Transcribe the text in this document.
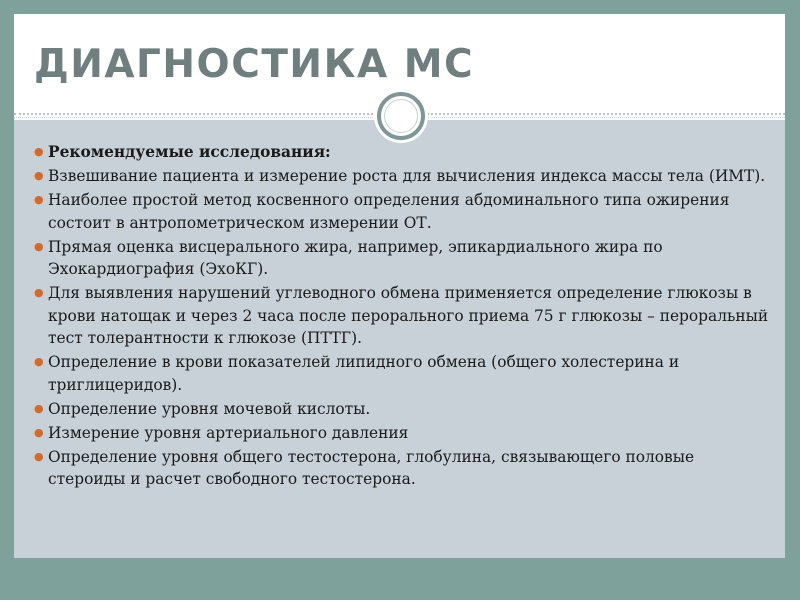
ДИАГНОСТИКА МС
● Рекомендуемые исследования:
● Взвешивание пациента и измерение роста для вычисления индекса массы тела (ИМТ).
● Наиболее простой метод косвенного определения абдоминального типа ожирения состоит в антропометрическом измерении ОТ.
● Прямая оценка висцерального жира, например, эпикардиального жира по Эхокардиография (ЭхоКГ).
● Для выявления нарушений углеводного обмена применяется определение глюкозы в крови натощак и через 2 часа после перорального приема 75 г глюкозы – пероральный тест толерантности к глюкозе (ПТТГ).
● Определение в крови показателей липидного обмена (общего холестерина и триглицеридов).
● Определение уровня мочевой кислоты.
● Измерение уровня артериального давления
● Определение уровня общего тестостерона, глобулина, связывающего половые стероиды и расчет свободного тестостерона.
